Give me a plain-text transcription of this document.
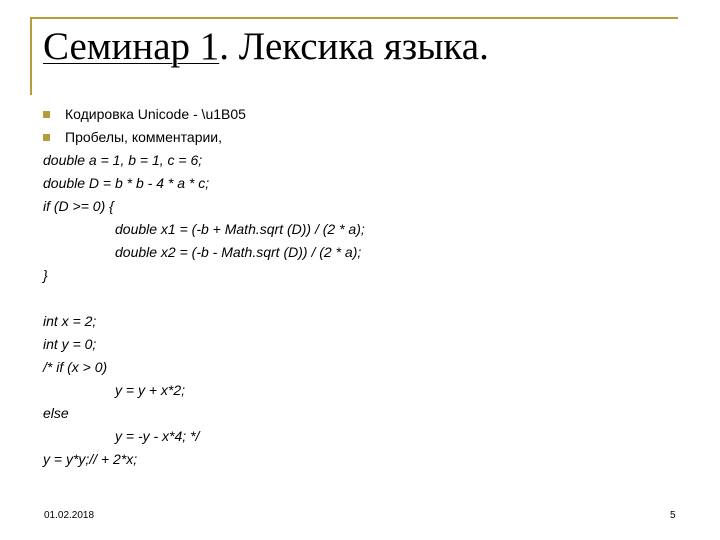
Семинар 1. Лексика языка.

Кодировка Unicode - \u1B05

Пробелы, комментарии,

double a = 1, b = 1, c = 6;
double D = b * b - 4 * a * c;
if (D >= 0) {
double x1 = (-b + Math.sqrt (D)) / (2 * a);
double x2 = (-b - Math.sqrt (D)) / (2 * a);
}
int x = 2;
int y = 0;
/* if (x > 0)
y = y + x*2;
else
y = -y - x*4; */
y = y*y;// + 2*x;
01.02.2018	5
